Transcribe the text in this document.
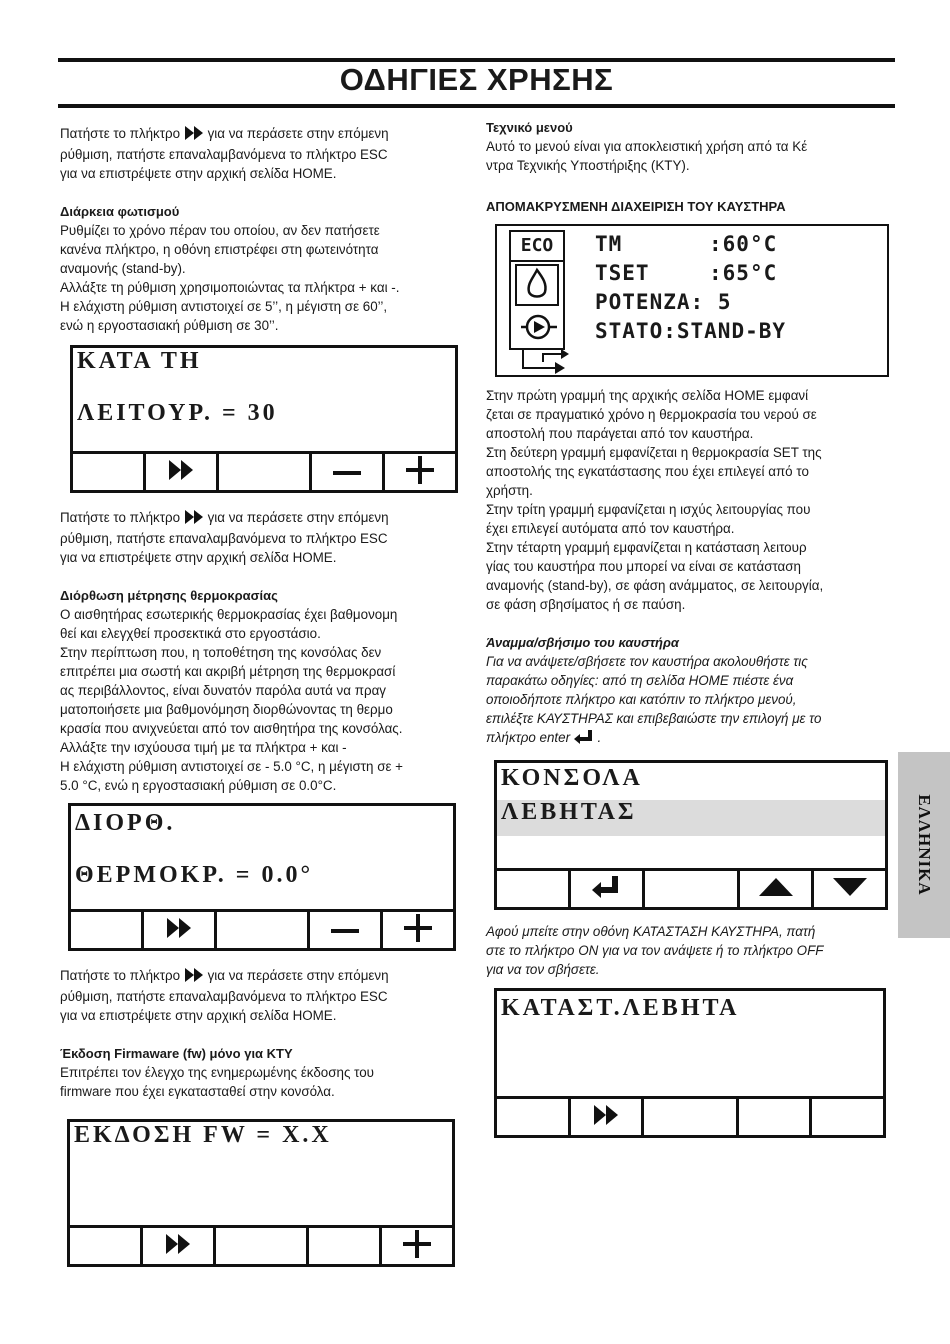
ΟΔΗΓΙΕΣ ΧΡΗΣΗΣ

Πατήστε το πλήκτρο για να περάσετε στην επόμενη

ρύθμιση, πατήστε επαναλαμβανόμενα το πλήκτρο ESC

για να επιστρέψετε στην αρχική σελίδα HOME.

Διάρκεια φωτισμού

Ρυθμίζει το χρόνο πέραν του οποίου, αν δεν πατήσετε

κανένα πλήκτρο, η οθόνη επιστρέφει στη φωτεινότητα

αναμονής (stand-by).

Αλλάξτε τη ρύθμιση χρησιμοποιώντας τα πλήκτρα + και -.

Η ελάχιστη ρύθμιση αντιστοιχεί σε 5’’, η μέγιστη σε 60’’,

ενώ η εργοστασιακή ρύθμιση σε 30’’.

ΚΑΤΑ ΤΗ
ΛΕΙΤΟΥΡ. = 30

Πατήστε το πλήκτρο για να περάσετε στην επόμενη

ρύθμιση, πατήστε επαναλαμβανόμενα το πλήκτρο ESC

για να επιστρέψετε στην αρχική σελίδα HOME.

Διόρθωση μέτρησης θερμοκρασίας

Ο αισθητήρας εσωτερικής θερμοκρασίας έχει βαθμονομη

θεί και ελεγχθεί προσεκτικά στο εργοστάσιο.

Στην περίπτωση που, η τοποθέτηση της κονσόλας δεν

επιτρέπει μια σωστή και ακριβή μέτρηση της θερμοκρασί

ας περιβάλλοντος, είναι δυνατόν παρόλα αυτά να πραγ

ματοποιήσετε μια βαθμονόμηση διορθώνοντας τη θερμο

κρασία που ανιχνεύεται από τον αισθητήρα της κονσόλας.

Αλλάξτε την ισχύουσα τιμή με τα πλήκτρα + και -

Η ελάχιστη ρύθμιση αντιστοιχεί σε - 5.0 °C, η μέγιστη σε +

5.0 °C, ενώ η εργοστασιακή ρύθμιση σε 0.0°C.

ΔΙΟΡΘ.
ΘΕΡΜΟΚΡ. = 0.0°

Πατήστε το πλήκτρο για να περάσετε στην επόμενη

ρύθμιση, πατήστε επαναλαμβανόμενα το πλήκτρο ESC

για να επιστρέψετε στην αρχική σελίδα HOME.

Έκδοση Firmaware (fw) μόνο για ΚΤΥ

Επιτρέπει τον έλεγχο της ενημερωμένης έκδοσης του

firmware που έχει εγκατασταθεί στην κονσόλα.

ΕΚΔΟΣΗ FW = X.X
Τεχνικό μενού

Αυτό το μενού είναι για αποκλειστική χρήση από τα Κέ

ντρα Τεχνικής Υποστήριξης (ΚΤΥ).

ΑΠΟΜΑΚΡΥΣΜΕΝΗ ΔΙΑΧΕΙΡΙΣΗ ΤΟΥ ΚΑΥΣΤΗΡΑ
ECO	TM	:60°C
TSET	:65°C
POTENZA: 5
STATO:STAND-BY

Στην πρώτη γραμμή της αρχικής σελίδα HOME εμφανί

ζεται σε πραγματικό χρόνο η θερμοκρασία του νερού σε

αποστολή που παράγεται από τον καυστήρα.

Στη δεύτερη γραμμή εμφανίζεται η θερμοκρασία SET της

αποστολής της εγκατάστασης που έχει επιλεγεί από το

χρήστη.

Στην τρίτη γραμμή εμφανίζεται η ισχύς λειτουργίας που

έχει επιλεγεί αυτόματα από τον καυστήρα.

Στην τέταρτη γραμμή εμφανίζεται η κατάσταση λειτουρ

γίας του καυστήρα που μπορεί να είναι σε κατάσταση

αναμονής (stand-by), σε φάση ανάμματος, σε λειτουργία,

σε φάση σβησίματος ή σε παύση.

Άναμμα/σβήσιμο του καυστήρα

Για να ανάψετε/σβήσετε τον καυστήρα ακολουθήστε τις

παρακάτω οδηγίες: από τη σελίδα HOME πιέστε ένα

οποιοδήποτε πλήκτρο και κατόπιν το πλήκτρο μενού,

επιλέξτε ΚΑΥΣΤΗΡΑΣ και επιβεβαιώστε την επιλογή με το

πλήκτρο enter .

ΚΟΝΣΟΛΑ
ΛΕΒΗΤΑΣ

Αφού μπείτε στην οθόνη ΚΑΤΑΣΤΑΣΗ ΚΑΥΣΤΗΡΑ, πατή

στε το πλήκτρο ON για να τον ανάψετε ή το πλήκτρο OFF

για να τον σβήσετε.

ΚΑΤΑΣΤ.ΛΕΒΗΤΑ
ΕΛΛΗΝΙΚΑ
